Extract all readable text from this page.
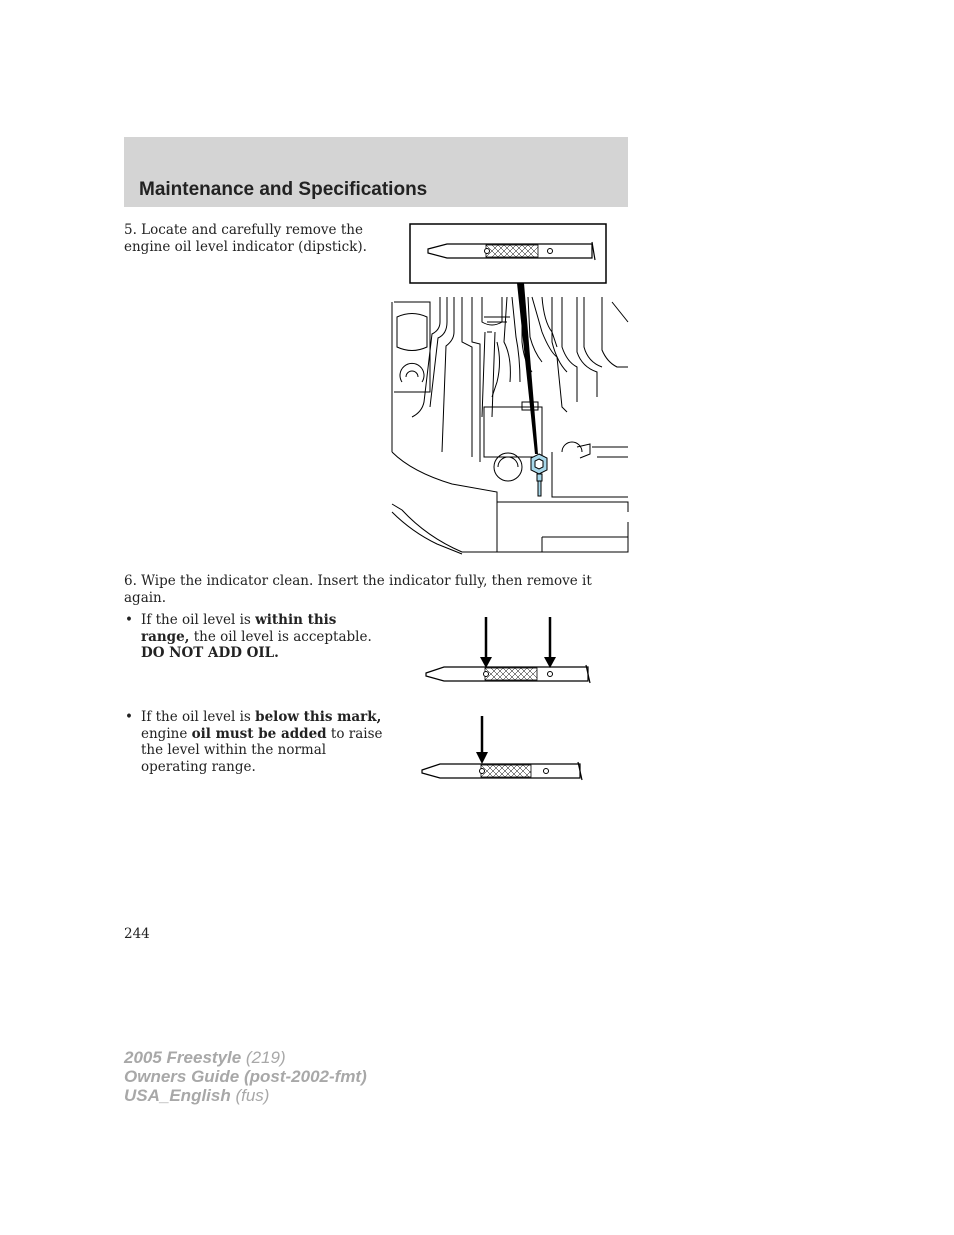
Maintenance and Specifications

5. Locate and carefully remove the engine oil level indicator (dipstick).

6. Wipe the indicator clean. Insert the indicator fully, then remove it again.

• If the oil level is within this range, the oil level is acceptable. DO NOT ADD OIL.

• If the oil level is below this mark, engine oil must be added to raise the level within the normal operating range.

244
2005 Freestyle (219)
Owners Guide (post-2002-fmt)
USA_English (fus)
